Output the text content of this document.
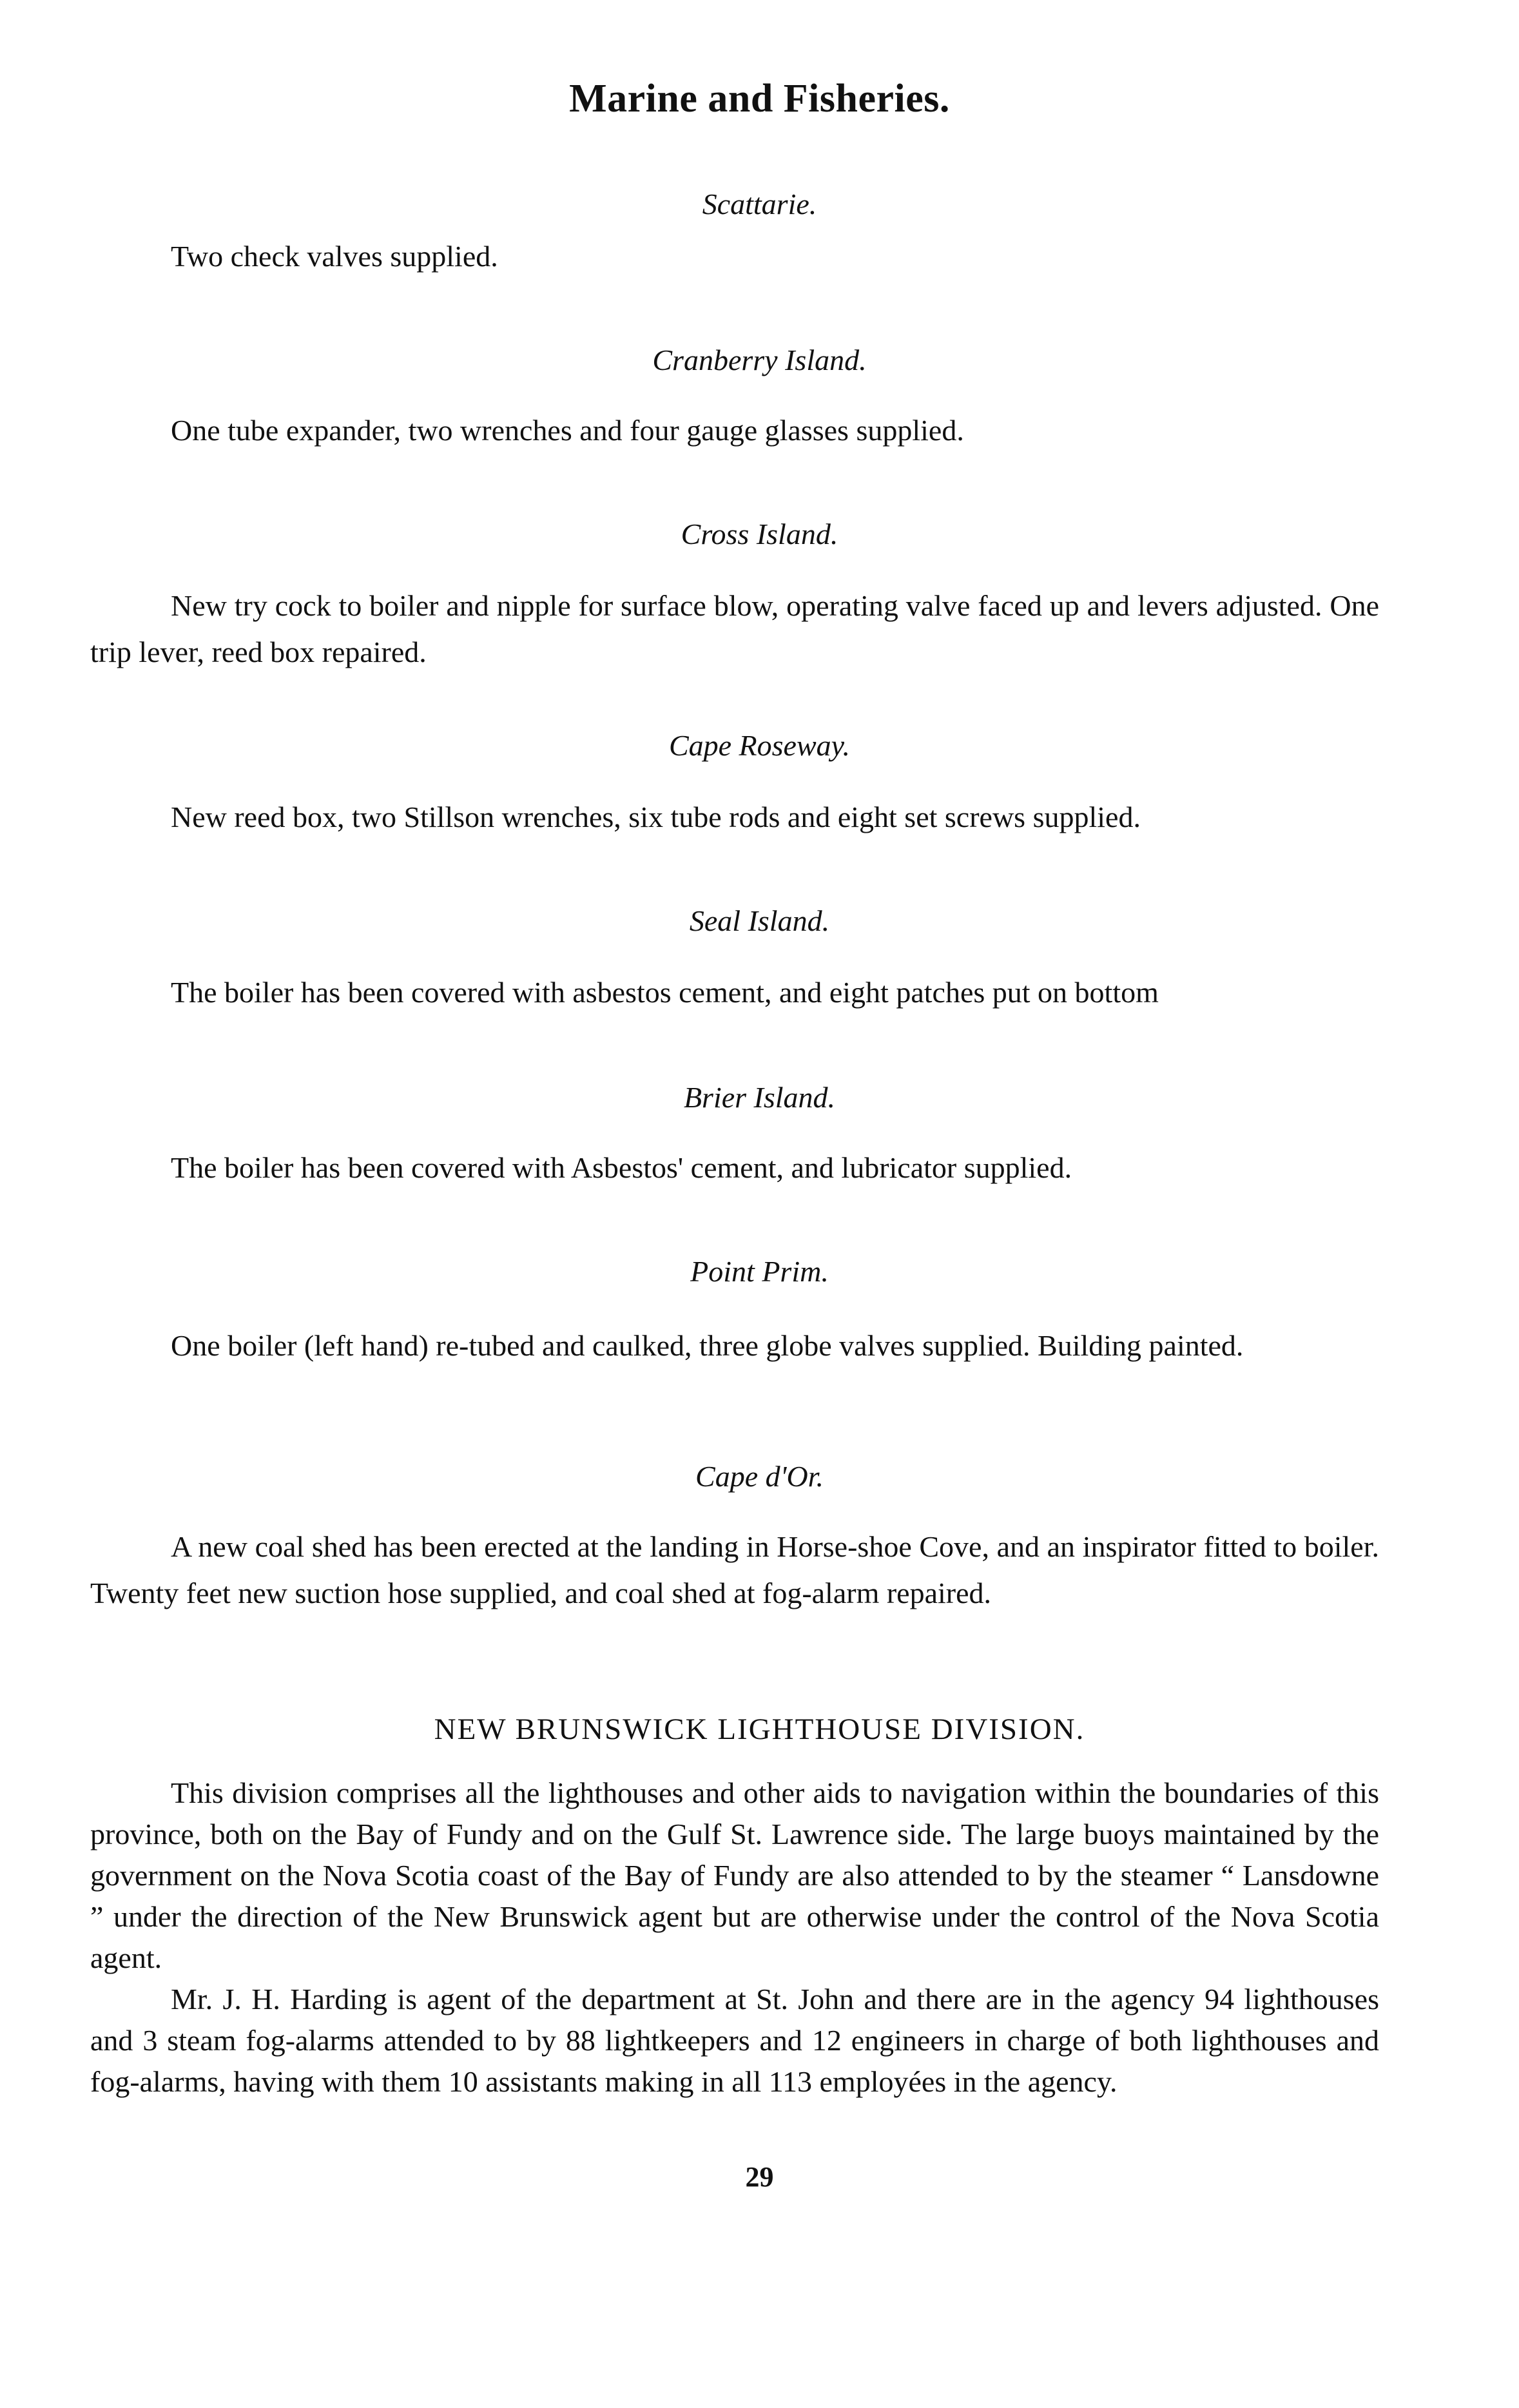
Marine and Fisheries.
Scattarie.
Two check valves supplied.
Cranberry Island.
One tube expander, two wrenches and four gauge glasses supplied.
Cross Island.
New try cock to boiler and nipple for surface blow, operating valve faced up and levers adjusted. One trip lever, reed box repaired.
Cape Roseway.
New reed box, two Stillson wrenches, six tube rods and eight set screws supplied.
Seal Island.
The boiler has been covered with asbestos cement, and eight patches put on bottom
Brier Island.
The boiler has been covered with Asbestos' cement, and lubricator supplied.
Point Prim.
One boiler (left hand) re-tubed and caulked, three globe valves supplied. Building painted.
Cape d'Or.
A new coal shed has been erected at the landing in Horse-shoe Cove, and an inspirator fitted to boiler. Twenty feet new suction hose supplied, and coal shed at fog-alarm repaired.
NEW BRUNSWICK LIGHTHOUSE DIVISION.
This division comprises all the lighthouses and other aids to navigation within the boundaries of this province, both on the Bay of Fundy and on the Gulf St. Lawrence side. The large buoys maintained by the government on the Nova Scotia coast of the Bay of Fundy are also attended to by the steamer “ Lansdowne ” under the direction of the New Brunswick agent but are otherwise under the control of the Nova Scotia agent.
Mr. J. H. Harding is agent of the department at St. John and there are in the agency 94 lighthouses and 3 steam fog-alarms attended to by 88 lightkeepers and 12 engineers in charge of both lighthouses and fog-alarms, having with them 10 assistants making in all 113 employées in the agency.
29
